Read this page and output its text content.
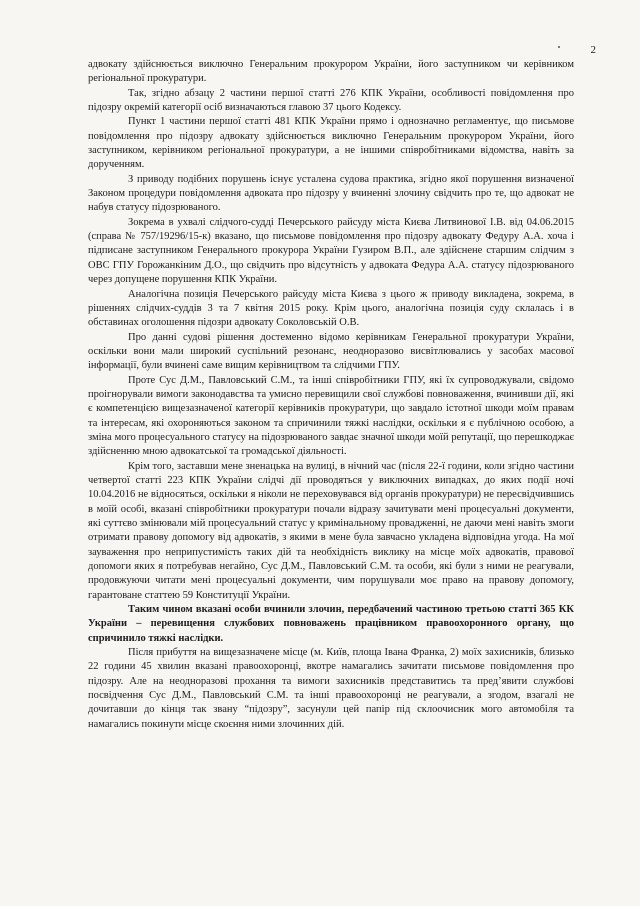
2

адвокату здійснюється виключно Генеральним прокурором України, його заступником чи керівником регіональної прокуратури.

Так, згідно абзацу 2 частини першої статті 276 КПК України, особливості повідомлення про підозру окремій категорії осіб визначаються главою 37 цього Кодексу.

Пункт 1 частини першої статті 481 КПК України прямо і однозначно регламентує, що письмове повідомлення про підозру адвокату здійснюється виключно Генеральним прокурором України, його заступником, керівником регіональної прокуратури, а не іншими співробітниками відомства, навіть за дорученням.

З приводу подібних порушень існує усталена судова практика, згідно якої порушення визначеної Законом процедури повідомлення адвоката про підозру у вчиненні злочину свідчить про те, що адвокат не набув статусу підозрюваного.

Зокрема в ухвалі слідчого-судді Печерського райсуду міста Києва Литвинової І.В. від 04.06.2015 (справа № 757/19296/15-к) вказано, що письмове повідомлення про підозру адвокату Федуру А.А. хоча і підписане заступником Генерального прокурора України Гузиром В.П., але здійснене старшим слідчим з ОВС ГПУ Горожанкіним Д.О., що свідчить про відсутність у адвоката Федура А.А. статусу підозрюваного через допущене порушення КПК України.

Аналогічна позиція Печерського райсуду міста Києва з цього ж приводу викладена, зокрема, в рішеннях слідчих-суддів 3 та 7 квітня 2015 року. Крім цього, аналогічна позиція суду склалась і в обставинах оголошення підозри адвокату Соколовській О.В.

Про данні судові рішення достеменно відомо керівникам Генеральної прокуратури України, оскільки вони мали широкий суспільний резонанс, неодноразово висвітлювались у засобах масової інформації, були вчинені саме вищим керівництвом та слідчими ГПУ.

Проте Сус Д.М., Павловський С.М., та інші співробітники ГПУ, які їх супроводжували, свідомо проігнорували вимоги законодавства та умисно перевищили свої службові повноваження, вчинивши дії, які є компетенцією вищезазначеної категорії керівників прокуратури, що завдало істотної шкоди моїм правам та інтересам, які охороняються законом та спричинили тяжкі наслідки, оскільки я є публічною особою, а зміна мого процесуального статусу на підозрюваного завдає значної шкоди моїй репутації, що перешкоджає здійсненню мною адвокатської та громадської діяльності.

Крім того, заставши мене зненацька на вулиці, в нічний час (після 22-ї години, коли згідно частини четвертої статті 223 КПК України слідчі дії проводяться у виключних випадках, до яких події ночі 10.04.2016 не відносяться, оскільки я ніколи не переховувався від органів прокуратури) не пересвідчившись в моїй особі, вказані співробітники прокуратури почали відразу зачитувати мені процесуальні документи, які суттєво змінювали мій процесуальний статус у кримінальному провадженні, не даючи мені навіть змоги отримати правову допомогу від адвокатів, з якими в мене була завчасно укладена відповідна угода. На мої зауваження про неприпустимість таких дій та необхідність виклику на місце моїх адвокатів, правової допомоги яких я потребував негайно, Сус Д.М., Павловський С.М. та особи, які були з ними не реагували, продовжуючи читати мені процесуальні документи, чим порушували моє право на правову допомогу, гарантоване статтею 59 Конституції України.

Таким чином вказані особи вчинили злочин, передбачений частиною третьою статті 365 КК України – перевищення службових повноважень працівником правоохоронного органу, що спричинило тяжкі наслідки.

Після прибуття на вищезазначене місце (м. Київ, площа Івана Франка, 2) моїх захисників, близько 22 години 45 хвилин вказані правоохоронці, вкотре намагались зачитати письмове повідомлення про підозру. Але на неодноразові прохання та вимоги захисників представитись та пред’явити службові посвідчення Сус Д.М., Павловський С.М. та інші правоохоронці не реагували, а згодом, взагалі не дочитавши до кінця так звану “підозру”, засунули цей папір під склоочисник мого автомобіля та намагались покинути місце скоєння ними злочинних дій.
